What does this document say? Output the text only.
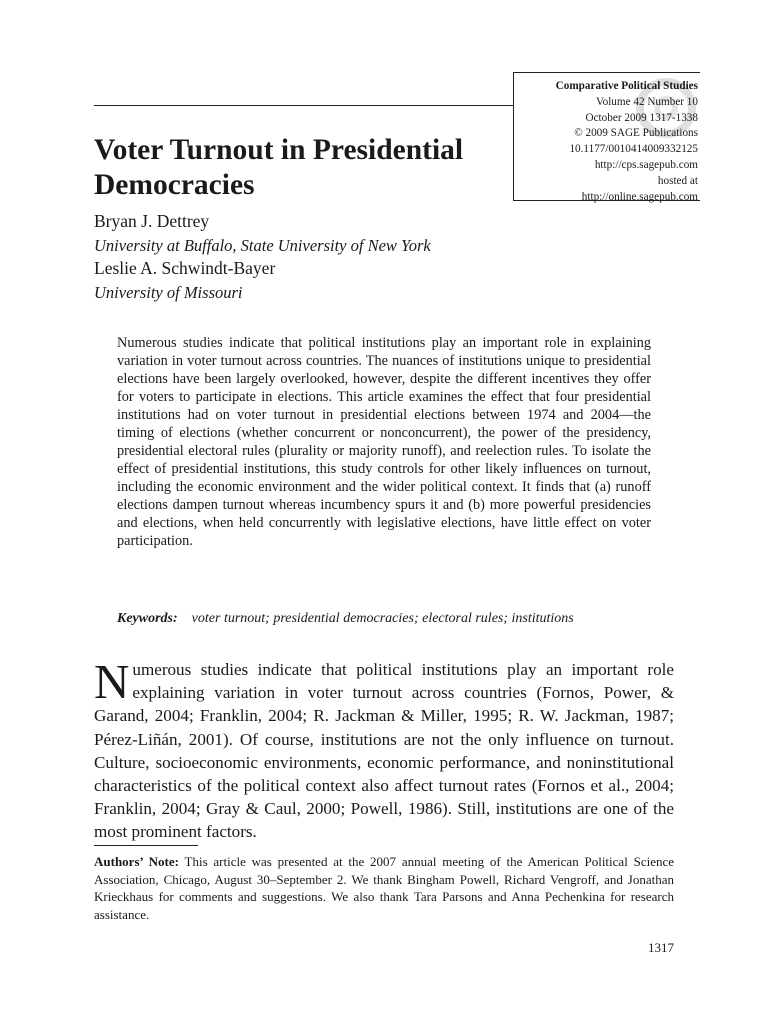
Comparative Political Studies
Volume 42 Number 10
October 2009 1317-1338
© 2009 SAGE Publications
10.1177/0010414009332125
http://cps.sagepub.com
hosted at
http://online.sagepub.com
Voter Turnout in Presidential Democracies
Bryan J. Dettrey
University at Buffalo, State University of New York
Leslie A. Schwindt-Bayer
University of Missouri

Numerous studies indicate that political institutions play an important role in explaining variation in voter turnout across countries. The nuances of institutions unique to presidential elections have been largely overlooked, however, despite the different incentives they offer for voters to participate in elections. This article examines the effect that four presidential institutions had on voter turnout in presidential elections between 1974 and 2004—the timing of elections (whether concurrent or nonconcurrent), the power of the presidency, presidential electoral rules (plurality or majority runoff), and reelection rules. To isolate the effect of presidential institutions, this study controls for other likely influences on turnout, including the economic environment and the wider political context. It finds that (a) runoff elections dampen turnout whereas incumbency spurs it and (b) more powerful presidencies and elections, when held concurrently with legislative elections, have little effect on voter participation.

Keywords: voter turnout; presidential democracies; electoral rules; institutions

Numerous studies indicate that political institutions play an important role explaining variation in voter turnout across countries (Fornos, Power, & Garand, 2004; Franklin, 2004; R. Jackman & Miller, 1995; R. W. Jackman, 1987; Pérez-Liñán, 2001). Of course, institutions are not the only influence on turnout. Culture, socioeconomic environments, economic performance, and noninstitutional characteristics of the political context also affect turnout rates (Fornos et al., 2004; Franklin, 2004; Gray & Caul, 2000; Powell, 1986). Still, institutions are one of the most prominent factors.

Authors’ Note: This article was presented at the 2007 annual meeting of the American Political Science Association, Chicago, August 30–September 2. We thank Bingham Powell, Richard Vengroff, and Jonathan Krieckhaus for comments and suggestions. We also thank Tara Parsons and Anna Pechenkina for research assistance.

1317
